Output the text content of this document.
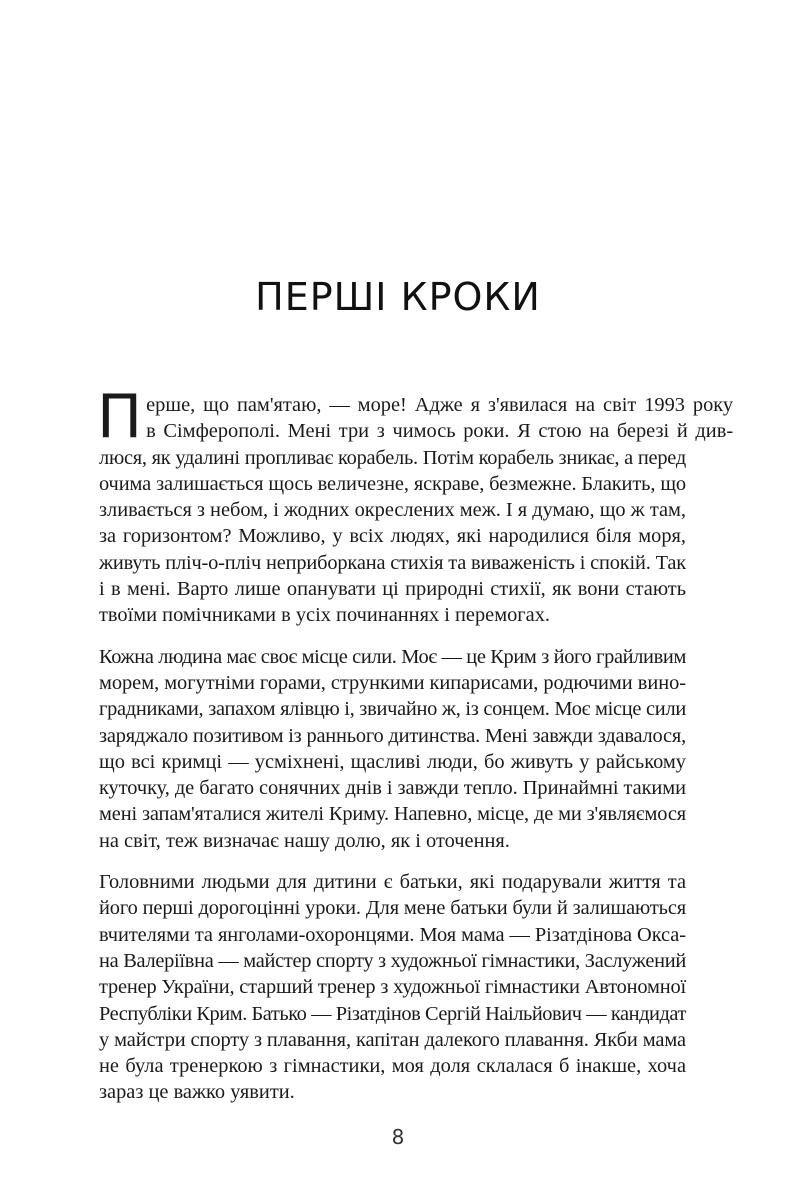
ПЕРШІ КРОКИ

П ерше, що пам'ятаю, — море! Адже я з'явилася на світ 1993 року
в Сімферополі. Мені три з чимось роки. Я стою на березі й див-
люся, як удалині пропливає корабель. Потім корабель зникає, а перед
очима залишається щось величезне, яскраве, безмежне. Блакить, що
зливається з небом, і жодних окреслених меж. І я думаю, що ж там,
за горизонтом? Можливо, у всіх людях, які народилися біля моря,
живуть пліч-о-пліч неприборкана стихія та виваженість і спокій. Так
і в мені. Варто лише опанувати ці природні стихії, як вони стають
твоїми помічниками в усіх починаннях і перемогах.

Кожна людина має своє місце сили. Моє — це Крим з його грайливим
морем, могутніми горами, стрункими кипарисами, родючими вино-
градниками, запахом ялівцю і, звичайно ж, із сонцем. Моє місце сили
заряджало позитивом із раннього дитинства. Мені завжди здавалося,
що всі кримці — усміхнені, щасливі люди, бо живуть у райському
куточку, де багато сонячних днів і завжди тепло. Принаймні такими
мені запам'яталися жителі Криму. Напевно, місце, де ми з'являємося
на світ, теж визначає нашу долю, як і оточення.

Головними людьми для дитини є батьки, які подарували життя та
його перші дорогоцінні уроки. Для мене батьки були й залишаються
вчителями та янголами-охоронцями. Моя мама — Різатдінова Окса-
на Валеріївна — майстер спорту з художньої гімнастики, Заслужений
тренер України, старший тренер з художньої гімнастики Автономної
Республіки Крим. Батько — Різатдінов Сергій Наільйович — кандидат
у майстри спорту з плавання, капітан далекого плавання. Якби мама
не була тренеркою з гімнастики, моя доля склалася б інакше, хоча
зараз це важко уявити.

8
